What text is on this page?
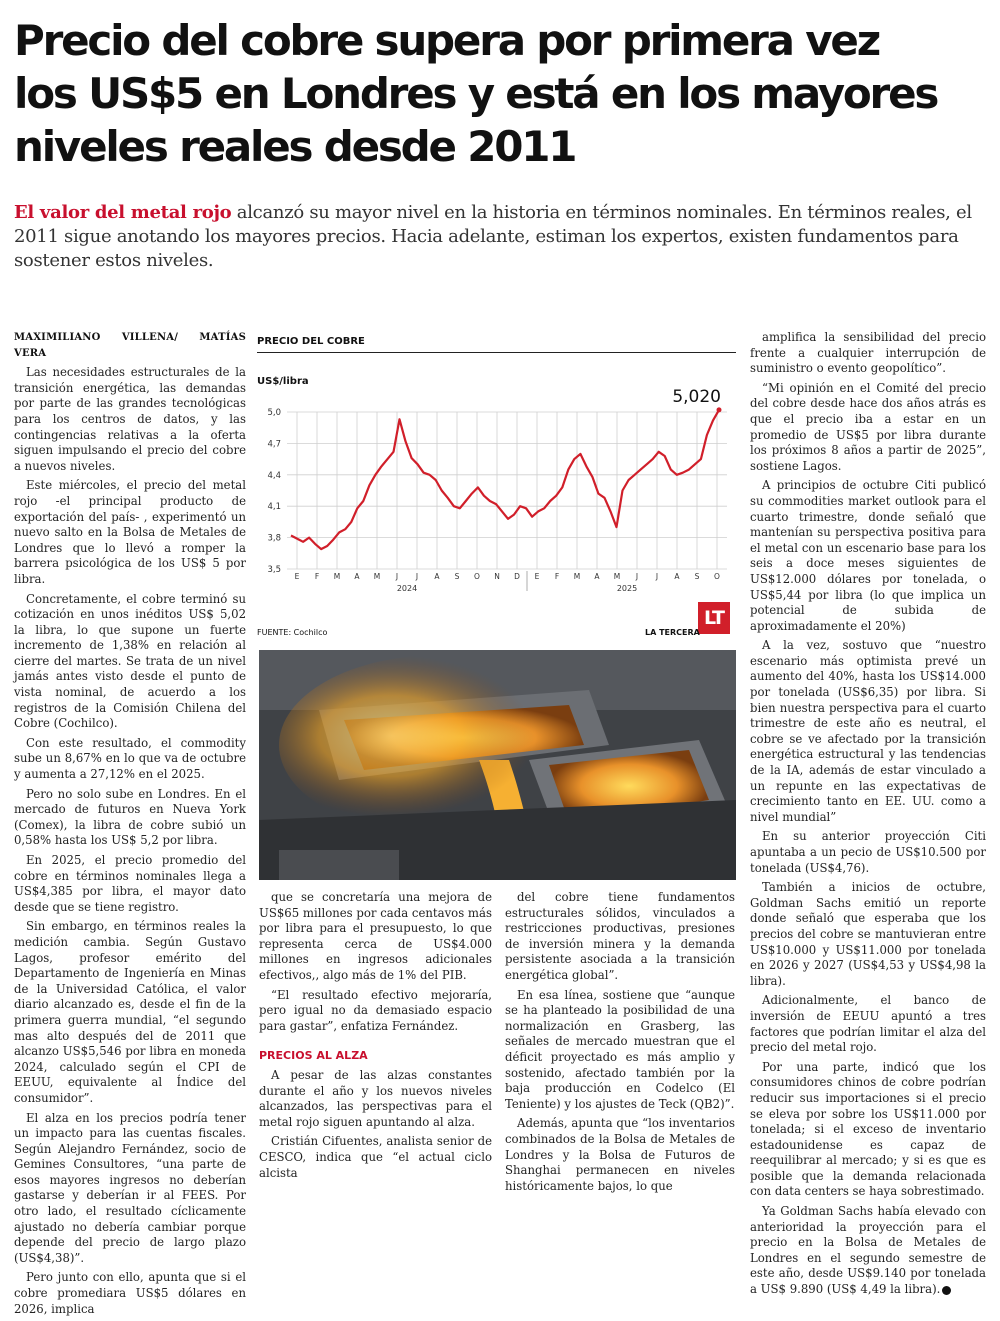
Precio del cobre supera por primera vez
los US$5 en Londres y está en los mayores
niveles reales desde 2011
El valor del metal rojo alcanzó su mayor nivel en la historia en términos nominales. En términos reales, el 2011 sigue anotando los mayores precios. Hacia adelante, estiman los expertos, existen fundamentos para sostener estos niveles.

MAXIMILIANO VILLENA/ MATÍAS VERA

Las necesidades estructurales de la transición energética, las demandas por parte de las grandes tecnológicas para los centros de datos, y las contingencias relativas a la oferta siguen impulsando el precio del cobre a nuevos niveles.

Este miércoles, el precio del metal rojo -el principal producto de exportación del país- , experimentó un nuevo salto en la Bolsa de Metales de Londres que lo llevó a romper la barrera psicológica de los US$ 5 por libra.

Concretamente, el cobre terminó su cotización en unos inéditos US$ 5,02 la libra, lo que supone un fuerte incremento de 1,38% en relación al cierre del martes. Se trata de un nivel jamás antes visto desde el punto de vista nominal, de acuerdo a los registros de la Comisión Chilena del Cobre (Cochilco).

Con este resultado, el commodity sube un 8,67% en lo que va de octubre y aumenta a 27,12% en el 2025.

Pero no solo sube en Londres. En el mercado de futuros en Nueva York (Comex), la libra de cobre subió un 0,58% hasta los US$ 5,2 por libra.

En 2025, el precio promedio del cobre en términos nominales llega a US$4,385 por libra, el mayor dato desde que se tiene registro.

Sin embargo, en términos reales la medición cambia. Según Gustavo Lagos, profesor emérito del Departamento de Ingeniería en Minas de la Universidad Católica, el valor diario alcanzado es, desde el fin de la primera guerra mundial, “el segundo mas alto después del de 2011 que alcanzo US$5,546 por libra en moneda 2024, calculado según el CPI de EEUU, equivalente al Índice del consumidor”.

El alza en los precios podría tener un impacto para las cuentas fiscales. Según Alejandro Fernández, socio de Gemines Consultores, “una parte de esos mayores ingresos no deberían gastarse y deberían ir al FEES. Por otro lado, el resultado cíclicamente ajustado no debería cambiar porque depende del precio de largo plazo (US$4,38)”.

Pero junto con ello, apunta que si el cobre promediara US$5 dólares en 2026, implica

PRECIO DEL COBRE
US$/libra
5,0
4,7
4,4
4,1
3,8
3,5
E F M A M J J A S O N D E F M A M J J A S O
2024	2025
5,020
LT
FUENTE: Cochilco	LA TERCERA

que se concretaría una mejora de US$65 millones por cada centavos más por libra para el presupuesto, lo que representa cerca de US$4.000 millones en ingresos adicionales efectivos,, algo más de 1% del PIB.

“El resultado efectivo mejoraría, pero igual no da demasiado espacio para gastar”, enfatiza Fernández.

PRECIOS AL ALZA

A pesar de las alzas constantes durante el año y los nuevos niveles alcanzados, las perspectivas para el metal rojo siguen apuntando al alza.

Cristián Cifuentes, analista senior de CESCO, indica que “el actual ciclo alcista

del cobre tiene fundamentos estructurales sólidos, vinculados a restricciones productivas, presiones de inversión minera y la demanda persistente asociada a la transición energética global”.

En esa línea, sostiene que “aunque se ha planteado la posibilidad de una normalización en Grasberg, las señales de mercado muestran que el déficit proyectado es más amplio y sostenido, afectado también por la baja producción en Codelco (El Teniente) y los ajustes de Teck (QB2)”.

Además, apunta que “los inventarios combinados de la Bolsa de Metales de Londres y la Bolsa de Futuros de Shanghai permanecen en niveles históricamente bajos, lo que

amplifica la sensibilidad del precio frente a cualquier interrupción de suministro o evento geopolítico”.

“Mi opinión en el Comité del precio del cobre desde hace dos años atrás es que el precio iba a estar en un promedio de US$5 por libra durante los próximos 8 años a partir de 2025”, sostiene Lagos.

A principios de octubre Citi publicó su commodities market outlook para el cuarto trimestre, donde señaló que mantenían su perspectiva positiva para el metal con un escenario base para los seis a doce meses siguientes de US$12.000 dólares por tonelada, o US$5,44 por libra (lo que implica un potencial de subida de aproximadamente el 20%)

A la vez, sostuvo que “nuestro escenario más optimista prevé un aumento del 40%, hasta los US$14.000 por tonelada (US$6,35) por libra. Si bien nuestra perspectiva para el cuarto trimestre de este año es neutral, el cobre se ve afectado por la transición energética estructural y las tendencias de la IA, además de estar vinculado a un repunte en las expectativas de crecimiento tanto en EE. UU. como a nivel mundial”

En su anterior proyección Citi apuntaba a un pecio de US$10.500 por tonelada (US$4,76).

También a inicios de octubre, Goldman Sachs emitió un reporte donde señaló que esperaba que los precios del cobre se mantuvieran entre US$10.000 y US$11.000 por tonelada en 2026 y 2027 (US$4,53 y US$4,98 la libra).

Adicionalmente, el banco de inversión de EEUU apuntó a tres factores que podrían limitar el alza del precio del metal rojo.

Por una parte, indicó que los consumidores chinos de cobre podrían reducir sus importaciones si el precio se eleva por sobre los US$11.000 por tonelada; si el exceso de inventario estadounidense es capaz de reequilibrar al mercado; y si es que es posible que la demanda relacionada con data centers se haya sobrestimado.

Ya Goldman Sachs había elevado con anterioridad la proyección para el precio en la Bolsa de Metales de Londres en el segundo semestre de este año, desde US$9.140 por tonelada a US$ 9.890 (US$ 4,49 la libra).
